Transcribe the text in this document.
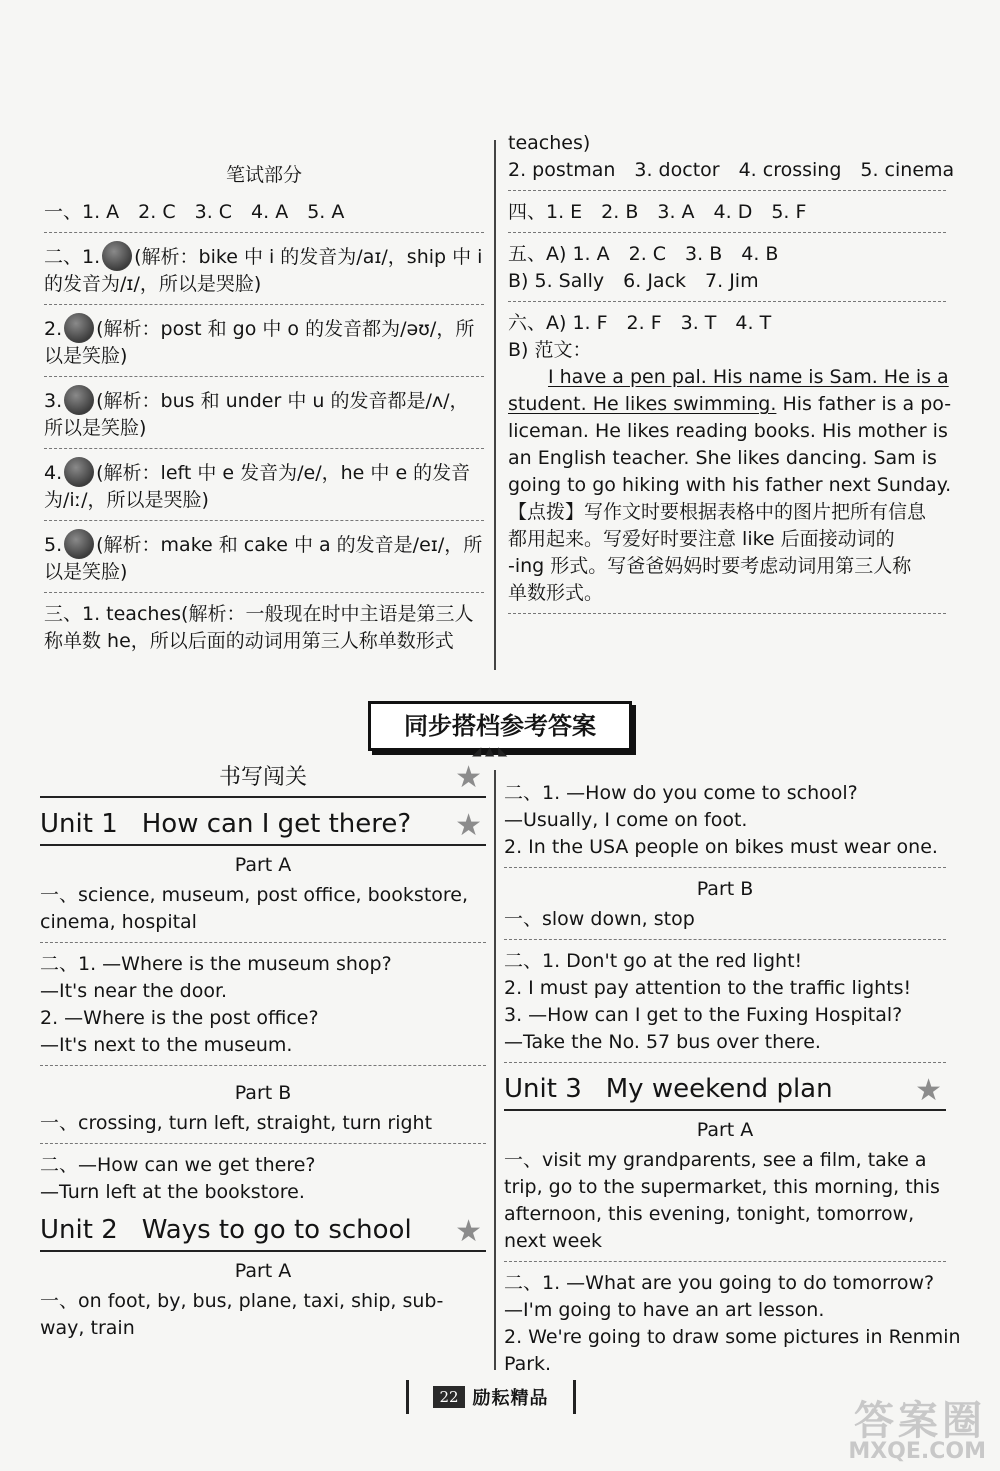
笔试部分
一、1. A　2. C　3. C　4. A　5. A
二、1. (解析：bike 中 i 的发音为/aɪ/，ship 中 i
的发音为/ɪ/，所以是哭脸)
2. (解析：post 和 go 中 o 的发音都为/əʊ/，所
以是笑脸)
3. (解析：bus 和 under 中 u 的发音都是/ʌ/，
所以是笑脸)
4. (解析：left 中 e 发音为/e/，he 中 e 的发音
为/iː/，所以是哭脸)
5. (解析：make 和 cake 中 a 的发音是/eɪ/，所
以是笑脸)
三、1. teaches(解析：一般现在时中主语是第三人
称单数 he，所以后面的动词用第三人称单数形式
teaches)
2. postman　3. doctor　4. crossing　5. cinema
四、1. E　2. B　3. A　4. D　5. F
五、A) 1. A　2. C　3. B　4. B
B) 5. Sally　6. Jack　7. Jim
六、A) 1. F　2. F　3. T　4. T
B) 范文：
I have a pen pal. His name is Sam. He is a
student. He likes swimming. His father is a po-
liceman. He likes reading books. His mother is
an English teacher. She likes dancing. Sam is
going to go hiking with his father next Sunday.
【点拨】写作文时要根据表格中的图片把所有信息
都用起来。写爱好时要注意 like 后面接动词的
-ing 形式。写爸爸妈妈时要考虑动词用第三人称
单数形式。
同步搭档参考答案
◢ ▲ ◣
书写闯关	★
Unit 1 How can I get there? ★
Part A
一、science, museum, post office, bookstore,
cinema, hospital
二、1. —Where is the museum shop?
—It's near the door.
2. —Where is the post office?
—It's next to the museum.
Part B
一、crossing, turn left, straight, turn right
二、—How can we get there?
—Turn left at the bookstore.
Unit 2 Ways to go to school ★
Part A
一、on foot, by, bus, plane, taxi, ship, sub-
way, train
二、1. —How do you come to school?
—Usually, I come on foot.
2. In the USA people on bikes must wear one.
Part B
一、slow down, stop
二、1. Don't go at the red light!
2. I must pay attention to the traffic lights!
3. —How can I get to the Fuxing Hospital?
—Take the No. 57 bus over there.
Unit 3 My weekend plan	★
Part A
一、visit my grandparents, see a film, take a
trip, go to the supermarket, this morning, this
afternoon, this evening, tonight, tomorrow,
next week
二、1. —What are you going to do tomorrow?
—I'm going to have an art lesson.
2. We're going to draw some pictures in Renmin
Park.
22 励耘精品	答案圈
MXQE.COM
